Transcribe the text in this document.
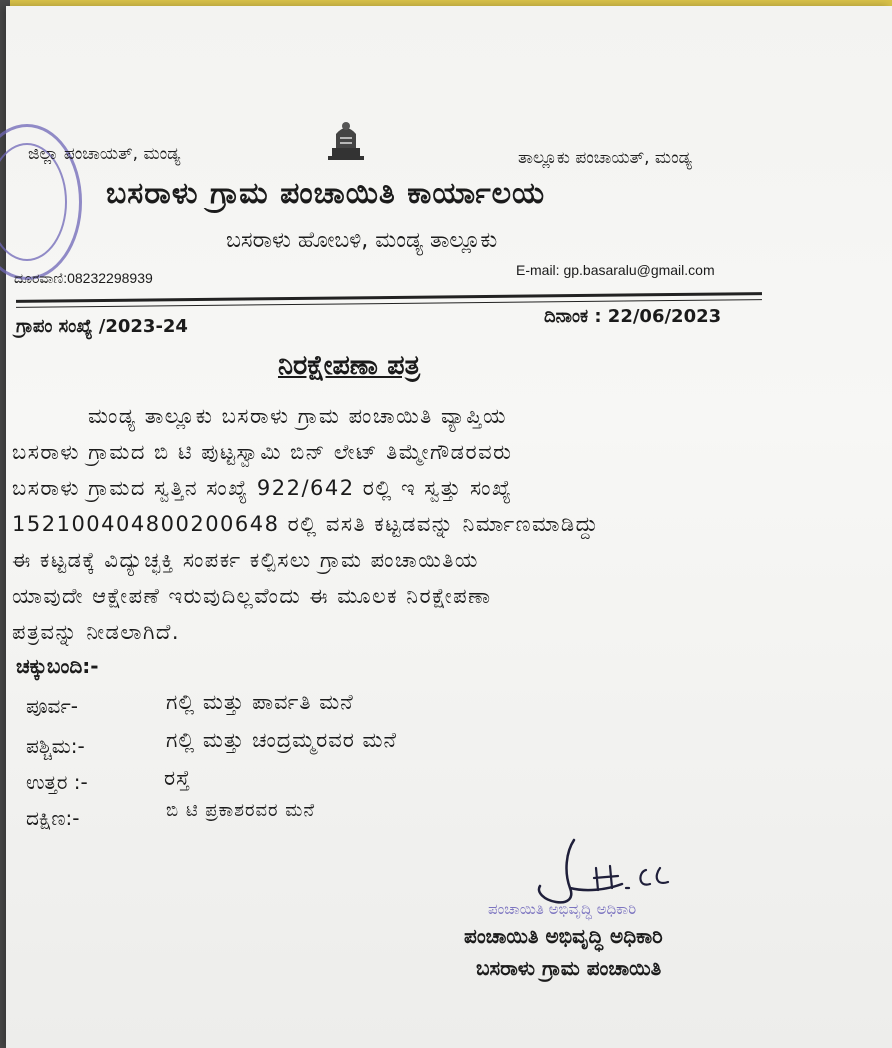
ಜಿಲ್ಲಾ ಪಂಚಾಯತ್, ಮಂಡ್ಯ	ತಾಲ್ಲೂಕು ಪಂಚಾಯತ್, ಮಂಡ್ಯ
ಬಸರಾಳು ಗ್ರಾಮ ಪಂಚಾಯಿತಿ ಕಾರ್ಯಾಲಯ
ಬಸರಾಳು ಹೋಬಳಿ, ಮಂಡ್ಯ ತಾಲ್ಲೂಕು
ದೂರವಾಣಿ:08232298939	E-mail: gp.basaralu@gmail.com
ಗ್ರಾಪಂ ಸಂಖ್ಯೆ /2023-24	ದಿನಾಂಕ : 22/06/2023
ನಿರಕ್ಷೇಪಣಾ ಪತ್ರ
ಮಂಡ್ಯ ತಾಲ್ಲೂಕು ಬಸರಾಳು ಗ್ರಾಮ ಪಂಚಾಯಿತಿ ವ್ಯಾಪ್ತಿಯ
ಬಸರಾಳು ಗ್ರಾಮದ ಬಿ ಟಿ ಪುಟ್ಟಸ್ವಾಮಿ ಬಿನ್ ಲೇಟ್ ತಿಮ್ಮೇಗೌಡರವರು
ಬಸರಾಳು ಗ್ರಾಮದ ಸ್ವತ್ತಿನ ಸಂಖ್ಯೆ 922/642 ರಲ್ಲಿ ಇ ಸ್ವತ್ತು ಸಂಖ್ಯೆ
152100404800200648 ರಲ್ಲಿ ವಸತಿ ಕಟ್ಟಡವನ್ನು ನಿರ್ಮಾಣಮಾಡಿದ್ದು
ಈ ಕಟ್ಟಡಕ್ಕೆ ವಿದ್ಯುಚ್ಛಕ್ತಿ ಸಂಪರ್ಕ ಕಲ್ಪಿಸಲು ಗ್ರಾಮ ಪಂಚಾಯಿತಿಯ
ಯಾವುದೇ ಆಕ್ಷೇಪಣೆ ಇರುವುದಿಲ್ಲವೆಂದು ಈ ಮೂಲಕ ನಿರಕ್ಷೇಪಣಾ
ಪತ್ರವನ್ನು ನೀಡಲಾಗಿದೆ.
ಚಕ್ಕುಬಂದಿ:-
ಪೂರ್ವ-	ಗಲ್ಲಿ ಮತ್ತು ಪಾರ್ವತಿ ಮನೆ
ಪಶ್ಚಿಮ:-	ಗಲ್ಲಿ ಮತ್ತು ಚಂದ್ರಮ್ಮರವರ ಮನೆ
ಉತ್ತರ :-	ರಸ್ತೆ
ದಕ್ಷಿಣ:-	ಬಿ ಟಿ ಪ್ರಕಾಶರವರ ಮನೆ
ಪಂಚಾಯಿತಿ ಅಭಿವೃದ್ಧಿ ಅಧಿಕಾರಿ
ಪಂಚಾಯಿತಿ ಅಭಿವೃದ್ಧಿ ಅಧಿಕಾರಿ
ಬಸರಾಳು ಗ್ರಾಮ ಪಂಚಾಯಿತಿ
